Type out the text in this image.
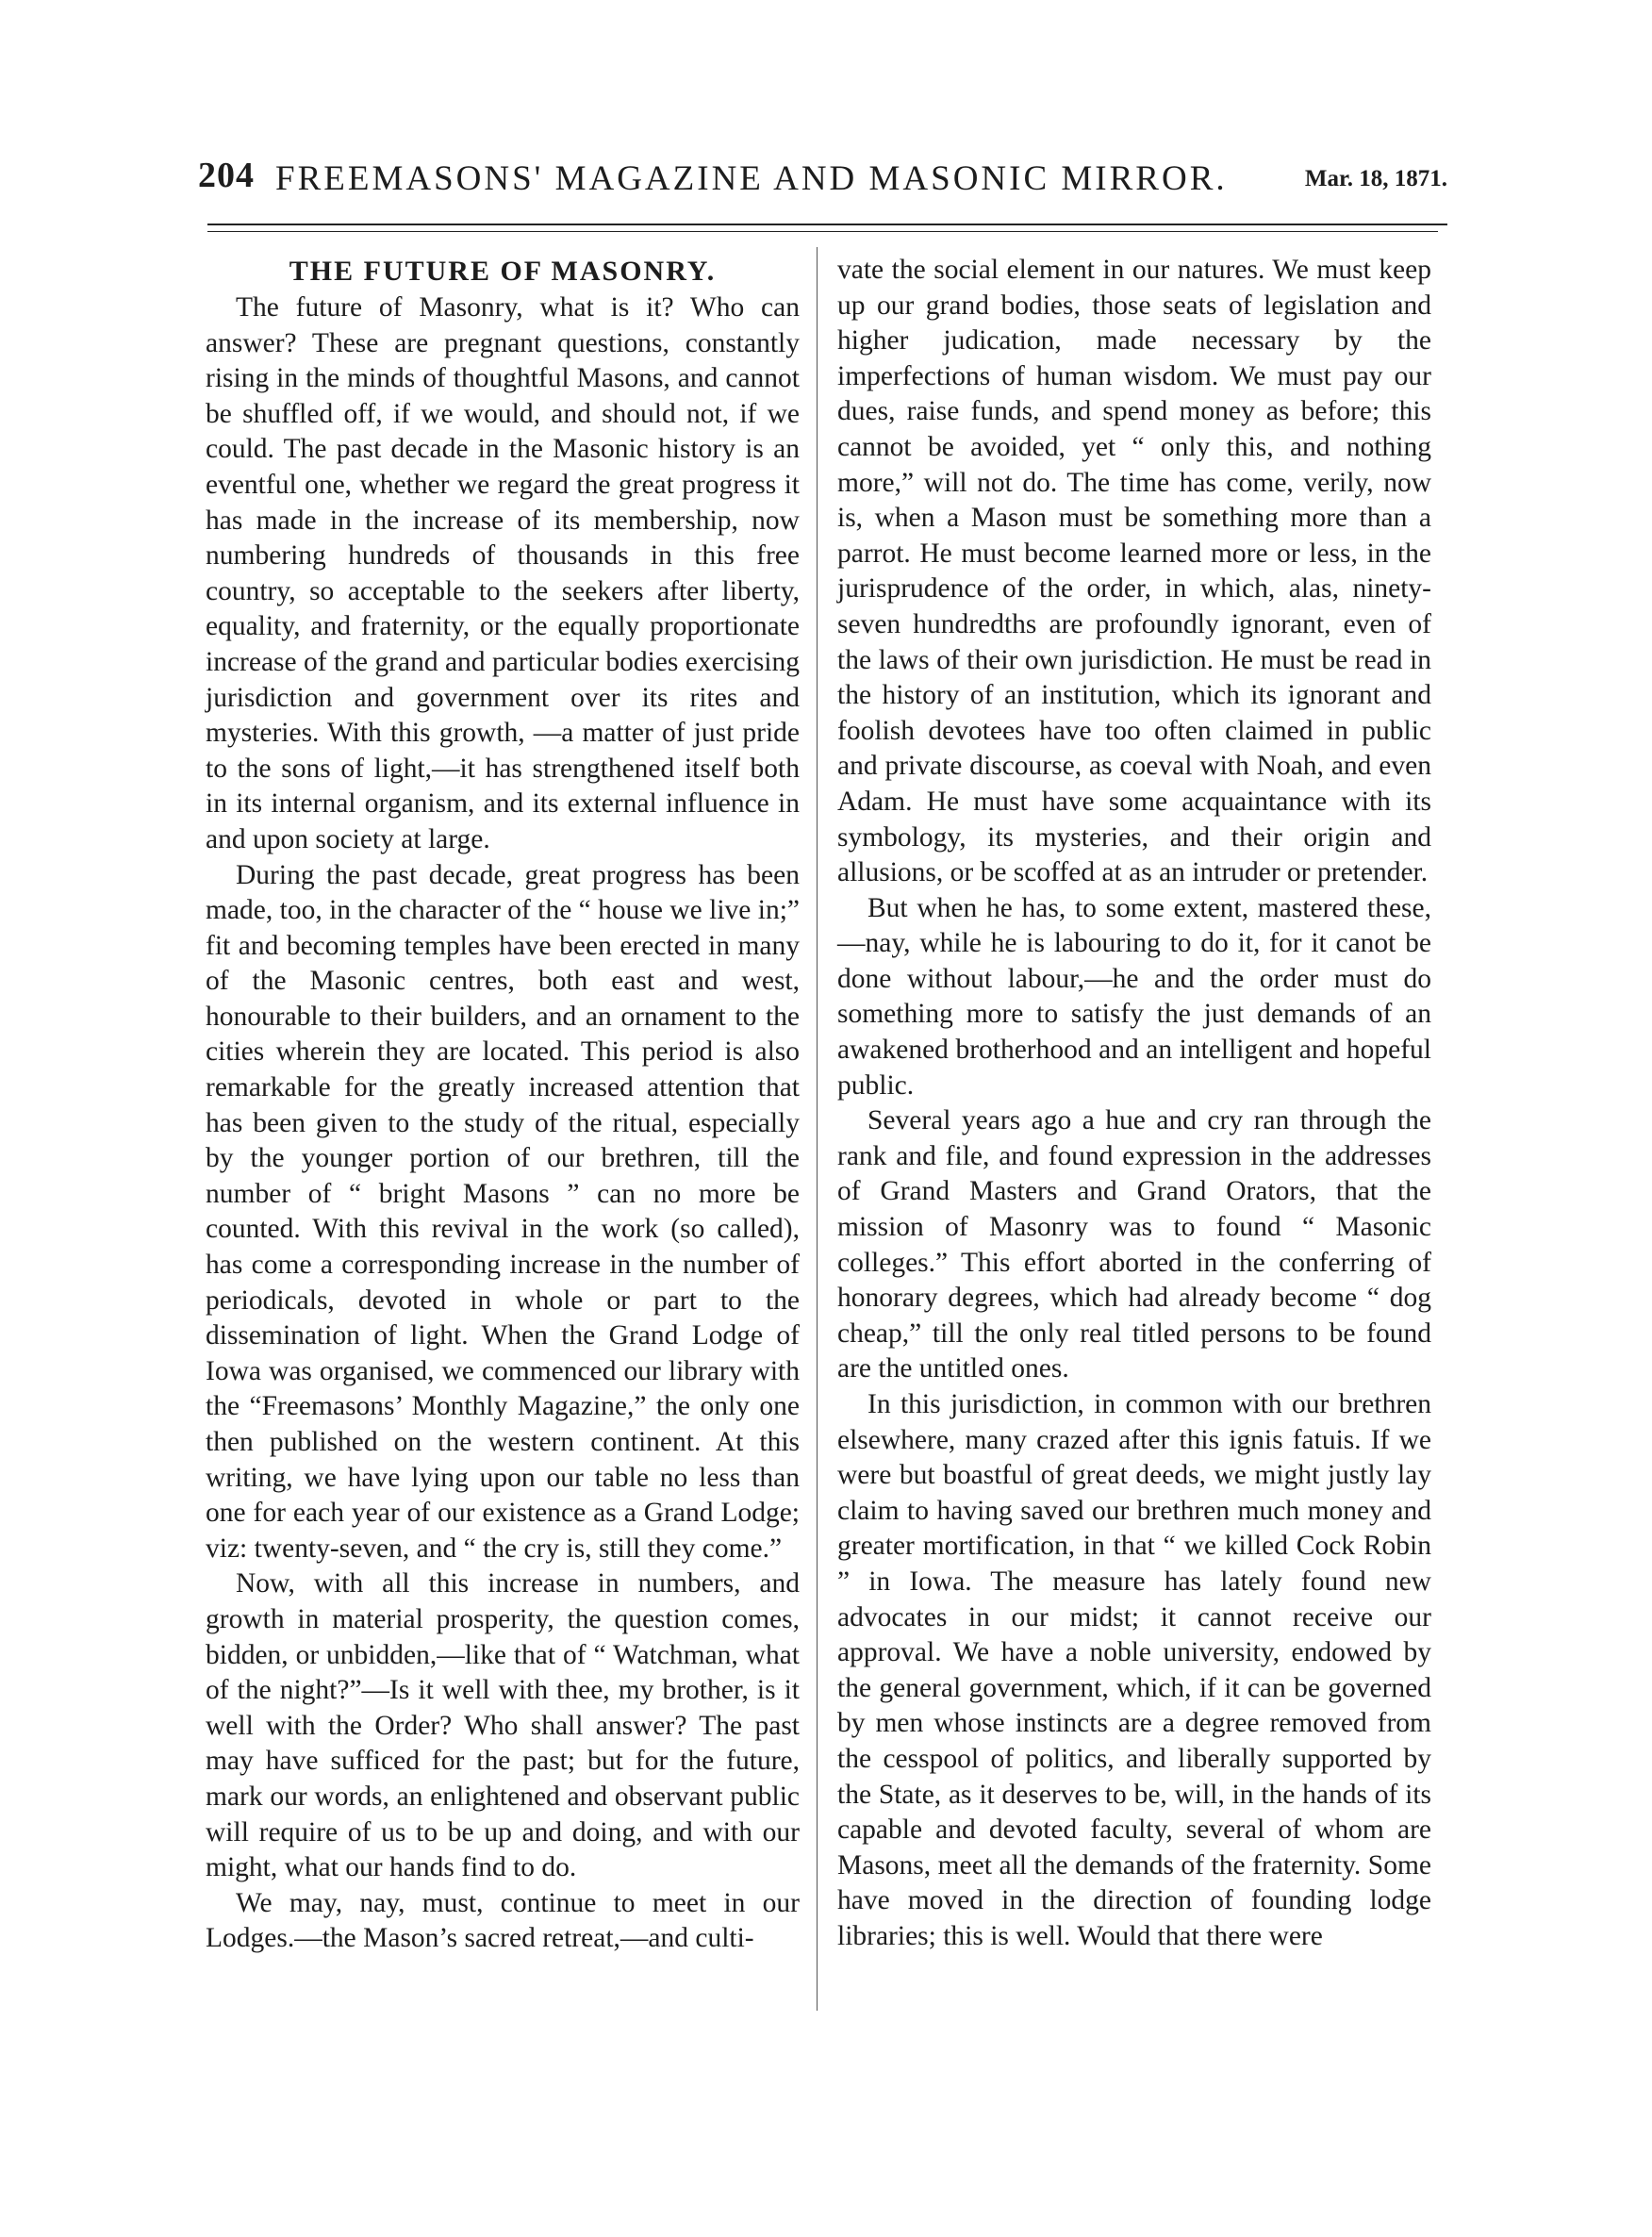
204 FREEMASONS' MAGAZINE AND MASONIC MIRROR.	Mar. 18, 1871.
THE FUTURE OF MASONRY.

The future of Masonry, what is it? Who can answer? These are pregnant questions, constantly rising in the minds of thoughtful Masons, and cannot be shuffled off, if we would, and should not, if we could. The past decade in the Masonic history is an eventful one, whether we regard the great progress it has made in the increase of its membership, now numbering hundreds of thousands in this free country, so acceptable to the seekers after liberty, equality, and fraternity, or the equally proportionate increase of the grand and particular bodies exercising jurisdiction and government over its rites and mysteries. With this growth, —a matter of just pride to the sons of light,—it has strengthened itself both in its internal organism, and its external influence in and upon society at large.

During the past decade, great progress has been made, too, in the character of the “ house we live in;” fit and becoming temples have been erected in many of the Masonic centres, both east and west, honourable to their builders, and an ornament to the cities wherein they are located. This period is also remarkable for the greatly increased attention that has been given to the study of the ritual, especially by the younger portion of our brethren, till the number of “ bright Masons ” can no more be counted. With this revival in the work (so called), has come a corresponding increase in the number of periodicals, devoted in whole or part to the dissemination of light. When the Grand Lodge of Iowa was organised, we commenced our library with the “Freemasons’ Monthly Magazine,” the only one then published on the western continent. At this writing, we have lying upon our table no less than one for each year of our existence as a Grand Lodge; viz: twenty-seven, and “ the cry is, still they come.”

Now, with all this increase in numbers, and growth in material prosperity, the question comes, bidden, or unbidden,—like that of “ Watchman, what of the night?”—Is it well with thee, my brother, is it well with the Order? Who shall answer? The past may have sufficed for the past; but for the future, mark our words, an enlightened and observant public will require of us to be up and doing, and with our might, what our hands find to do.

We may, nay, must, continue to meet in our Lodges.—the Mason’s sacred retreat,—and culti-

vate the social element in our natures. We must keep up our grand bodies, those seats of legislation and higher judication, made necessary by the imperfections of human wisdom. We must pay our dues, raise funds, and spend money as before; this cannot be avoided, yet “ only this, and nothing more,” will not do. The time has come, verily, now is, when a Mason must be something more than a parrot. He must become learned more or less, in the jurisprudence of the order, in which, alas, ninety-seven hundredths are profoundly ignorant, even of the laws of their own jurisdiction. He must be read in the history of an institution, which its ignorant and foolish devotees have too often claimed in public and private discourse, as coeval with Noah, and even Adam. He must have some acquaintance with its symbology, its mysteries, and their origin and allusions, or be scoffed at as an intruder or pretender.

But when he has, to some extent, mastered these,—nay, while he is labouring to do it, for it canot be done without labour,—he and the order must do something more to satisfy the just demands of an awakened brotherhood and an intelligent and hopeful public.

Several years ago a hue and cry ran through the rank and file, and found expression in the addresses of Grand Masters and Grand Orators, that the mission of Masonry was to found “ Masonic colleges.” This effort aborted in the conferring of honorary degrees, which had already become “ dog cheap,” till the only real titled persons to be found are the untitled ones.

In this jurisdiction, in common with our brethren elsewhere, many crazed after this ignis fatuis. If we were but boastful of great deeds, we might justly lay claim to having saved our brethren much money and greater mortification, in that “ we killed Cock Robin ” in Iowa. The measure has lately found new advocates in our midst; it cannot receive our approval. We have a noble university, endowed by the general government, which, if it can be governed by men whose instincts are a degree removed from the cesspool of politics, and liberally supported by the State, as it deserves to be, will, in the hands of its capable and devoted faculty, several of whom are Masons, meet all the demands of the fraternity. Some have moved in the direction of founding lodge libraries; this is well. Would that there were
